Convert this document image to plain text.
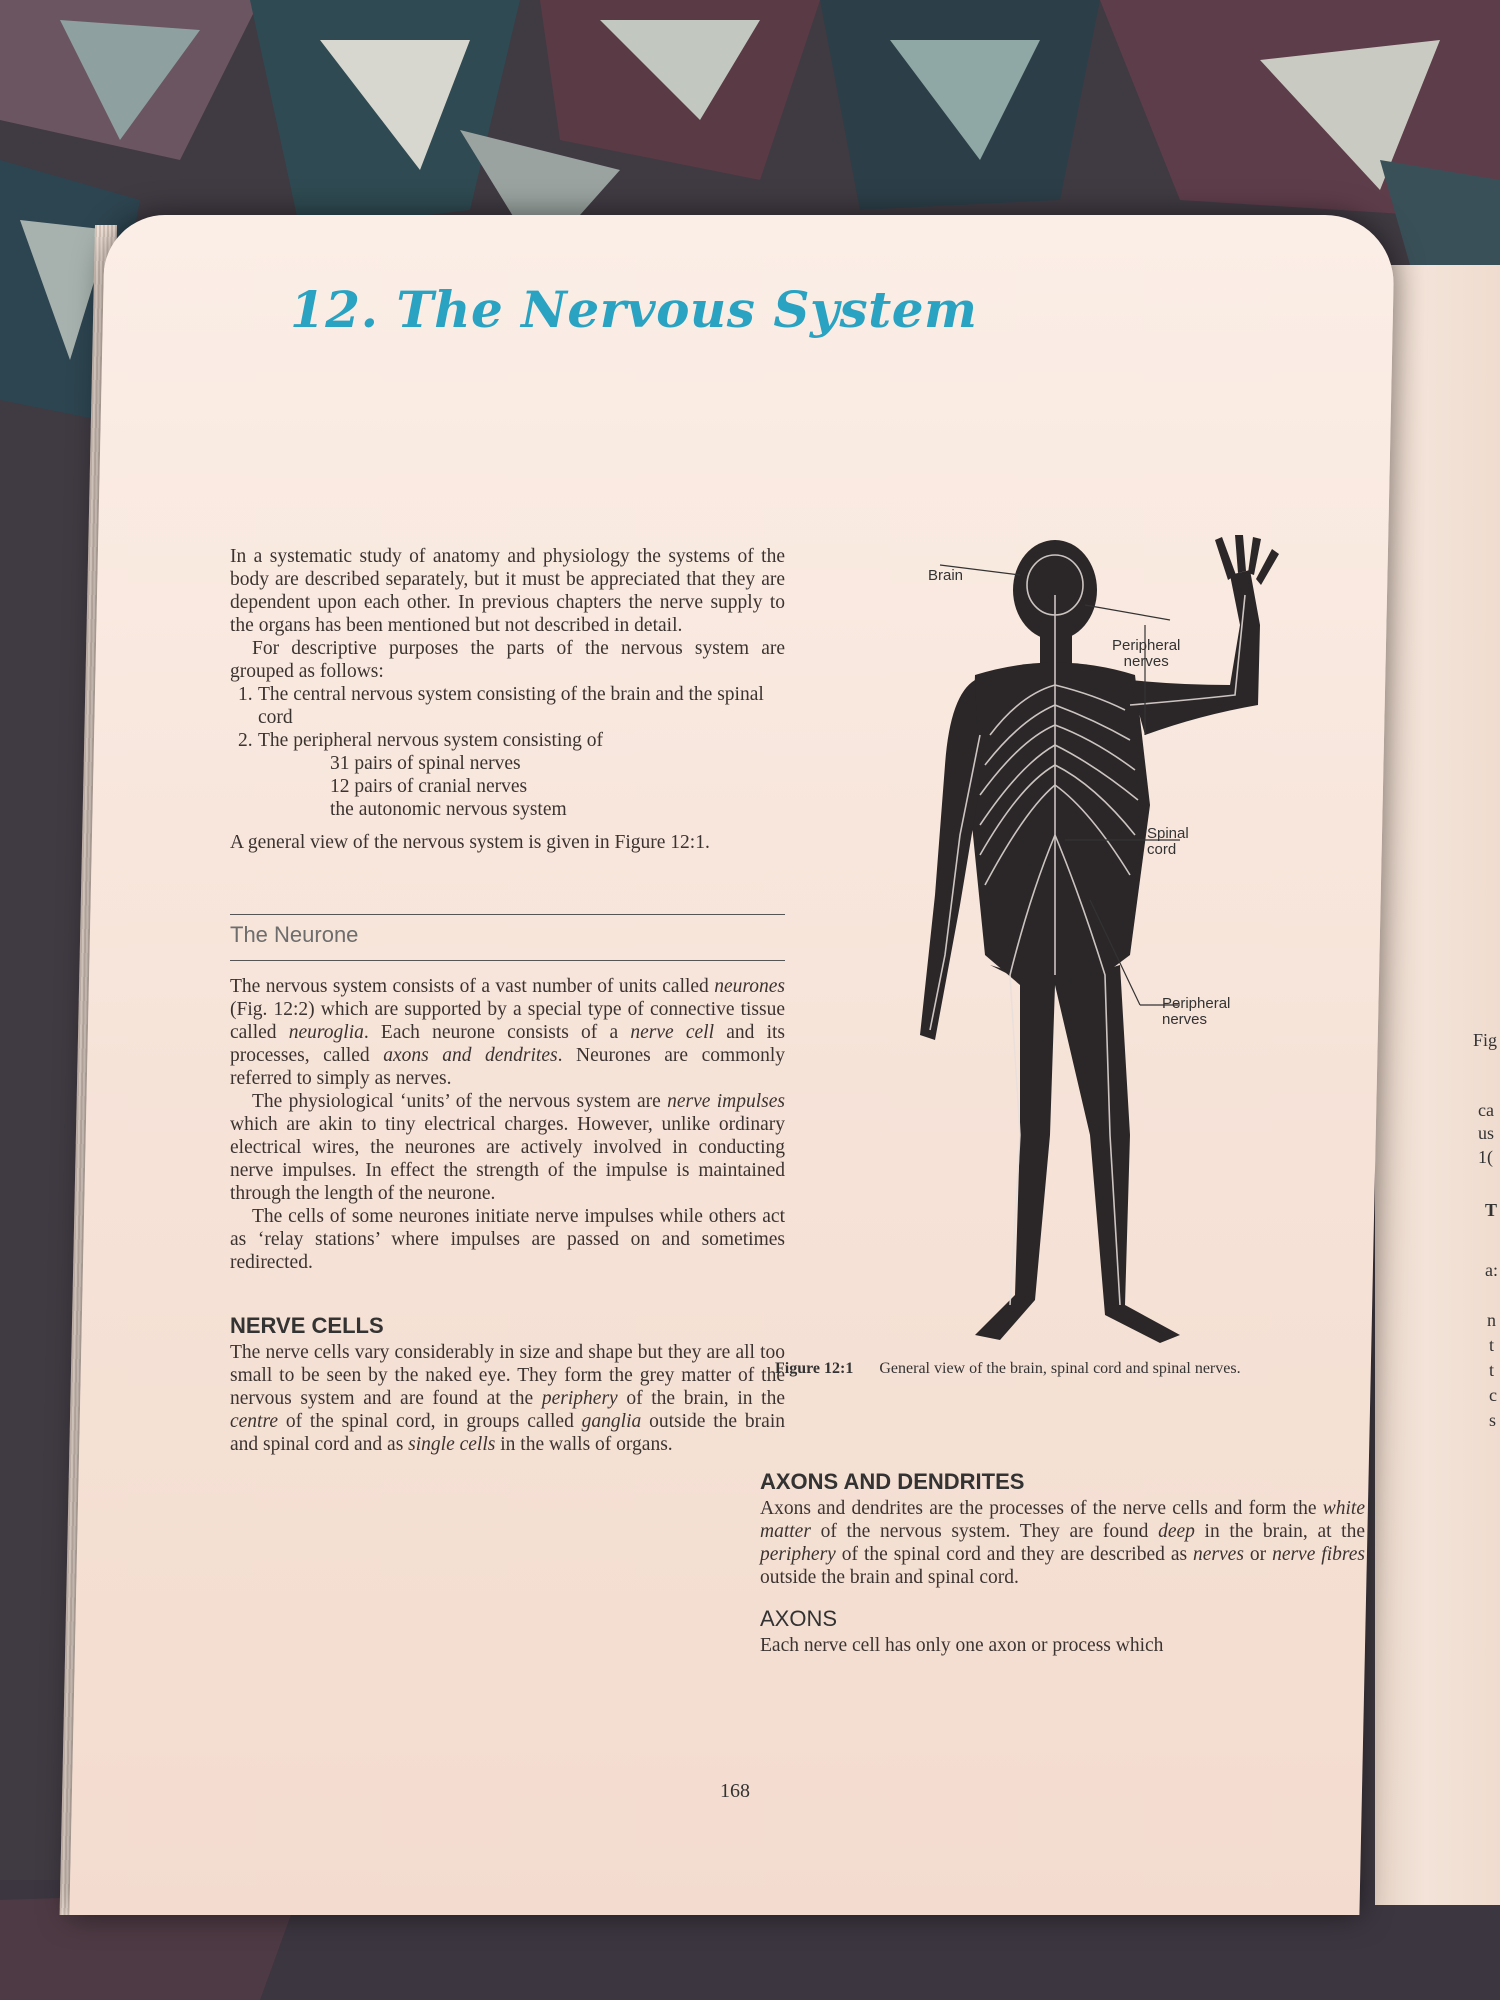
Fig
ca
us
1(
T
a:
n
t
t
c
s
12. The Nervous System

In a systematic study of anatomy and physiology the systems of the body are described separately, but it must be appreciated that they are dependent upon each other. In previous chapters the nerve supply to the organs has been mentioned but not described in detail.

For descriptive purposes the parts of the nervous system are grouped as follows:

1. The central nervous system consisting of the brain and the spinal cord
2. The peripheral nervous system consisting of
31 pairs of spinal nerves
12 pairs of cranial nerves
the autonomic nervous system

A general view of the nervous system is given in Figure 12:1.

The Neurone

The nervous system consists of a vast number of units called neurones (Fig. 12:2) which are supported by a special type of connective tissue called neuroglia. Each neurone consists of a nerve cell and its processes, called axons and dendrites. Neurones are commonly referred to simply as nerves.

The physiological ‘units’ of the nervous system are nerve impulses which are akin to tiny electrical charges. However, unlike ordinary electrical wires, the neurones are actively involved in conducting nerve impulses. In effect the strength of the impulse is maintained through the length of the neurone.

The cells of some neurones initiate nerve impulses while others act as ‘relay stations’ where impulses are passed on and sometimes redirected.

NERVE CELLS

The nerve cells vary considerably in size and shape but they are all too small to be seen by the naked eye. They form the grey matter of the nervous system and are found at the periphery of the brain, in the centre of the spinal cord, in groups called ganglia outside the brain and spinal cord and as single cells in the walls of organs.

Brain
Peripheral
nerves
Spinal
cord
Peripheral
nerves
Figure 12:1 General view of the brain, spinal cord and spinal nerves.
AXONS AND DENDRITES

Axons and dendrites are the processes of the nerve cells and form the white matter of the nervous system. They are found deep in the brain, at the periphery of the spinal cord and they are described as nerves or nerve fibres outside the brain and spinal cord.

AXONS

Each nerve cell has only one axon or process which

168
